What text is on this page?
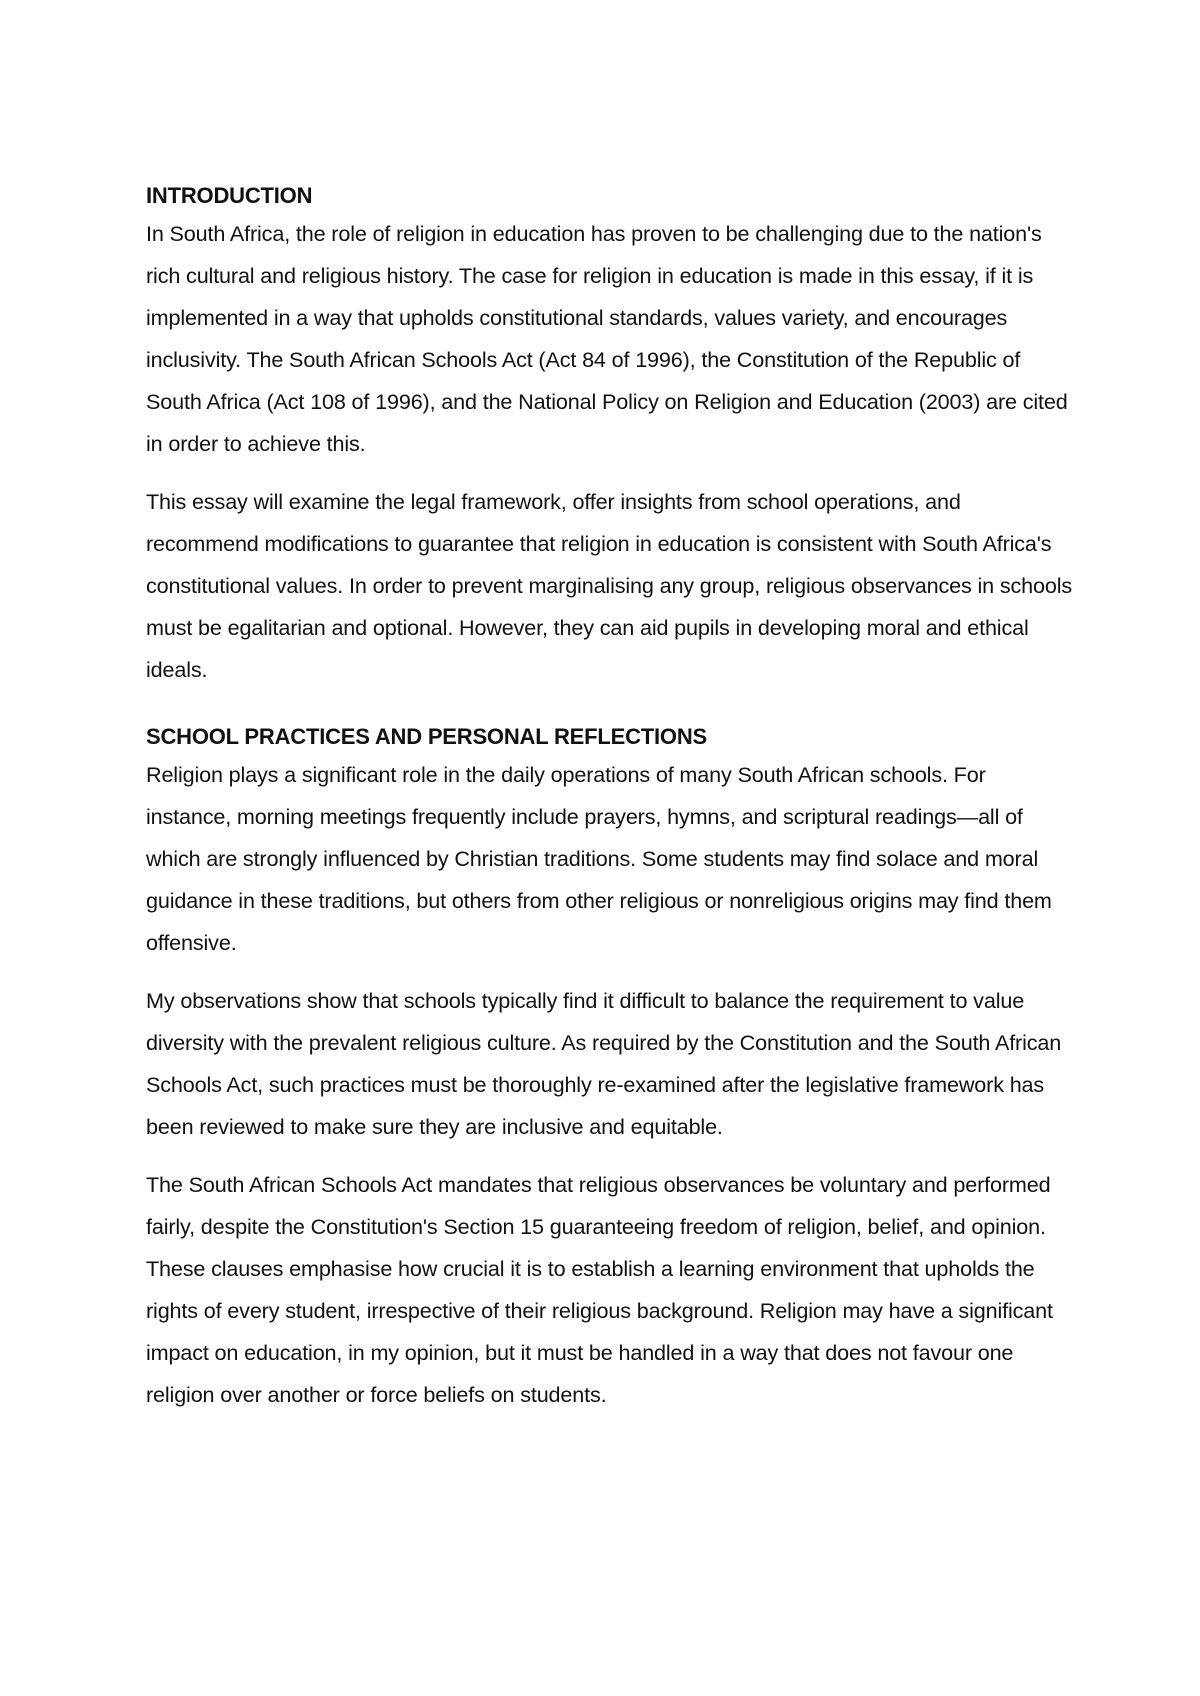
INTRODUCTION

In South Africa, the role of religion in education has proven to be challenging due to the nation's rich cultural and religious history. The case for religion in education is made in this essay, if it is implemented in a way that upholds constitutional standards, values variety, and encourages inclusivity. The South African Schools Act (Act 84 of 1996), the Constitution of the Republic of South Africa (Act 108 of 1996), and the National Policy on Religion and Education (2003) are cited in order to achieve this.

This essay will examine the legal framework, offer insights from school operations, and recommend modifications to guarantee that religion in education is consistent with South Africa's constitutional values. In order to prevent marginalising any group, religious observances in schools must be egalitarian and optional. However, they can aid pupils in developing moral and ethical ideals.

SCHOOL PRACTICES AND PERSONAL REFLECTIONS

Religion plays a significant role in the daily operations of many South African schools. For instance, morning meetings frequently include prayers, hymns, and scriptural readings—all of which are strongly influenced by Christian traditions. Some students may find solace and moral guidance in these traditions, but others from other religious or nonreligious origins may find them offensive.

My observations show that schools typically find it difficult to balance the requirement to value diversity with the prevalent religious culture. As required by the Constitution and the South African Schools Act, such practices must be thoroughly re-examined after the legislative framework has been reviewed to make sure they are inclusive and equitable.

The South African Schools Act mandates that religious observances be voluntary and performed fairly, despite the Constitution's Section 15 guaranteeing freedom of religion, belief, and opinion. These clauses emphasise how crucial it is to establish a learning environment that upholds the rights of every student, irrespective of their religious background. Religion may have a significant impact on education, in my opinion, but it must be handled in a way that does not favour one religion over another or force beliefs on students.
